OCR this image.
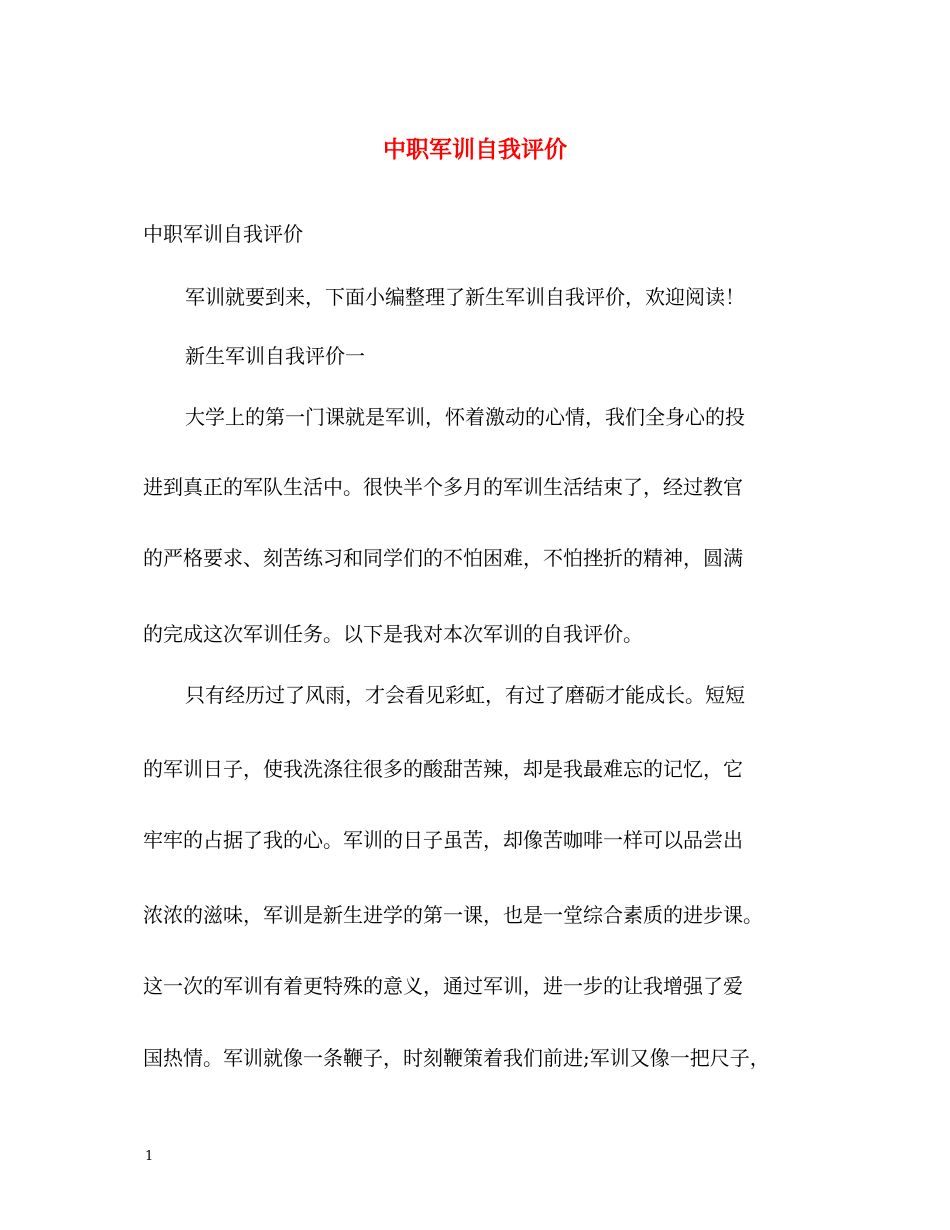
中职军训自我评价
中职军训自我评价
军训就要到来，下面小编整理了新生军训自我评价，欢迎阅读！
新生军训自我评价一
大学上的第一门课就是军训，怀着激动的心情，我们全身心的投
进到真正的军队生活中。很快半个多月的军训生活结束了，经过教官
的严格要求、刻苦练习和同学们的不怕困难，不怕挫折的精神，圆满
的完成这次军训任务。以下是我对本次军训的自我评价。
只有经历过了风雨，才会看见彩虹，有过了磨砺才能成长。短短
的军训日子，使我洗涤往很多的酸甜苦辣，却是我最难忘的记忆，它
牢牢的占据了我的心。军训的日子虽苦，却像苦咖啡一样可以品尝出
浓浓的滋味，军训是新生进学的第一课，也是一堂综合素质的进步课。
这一次的军训有着更特殊的意义，通过军训，进一步的让我增强了爱
国热情。军训就像一条鞭子，时刻鞭策着我们前进;军训又像一把尺子，
1
